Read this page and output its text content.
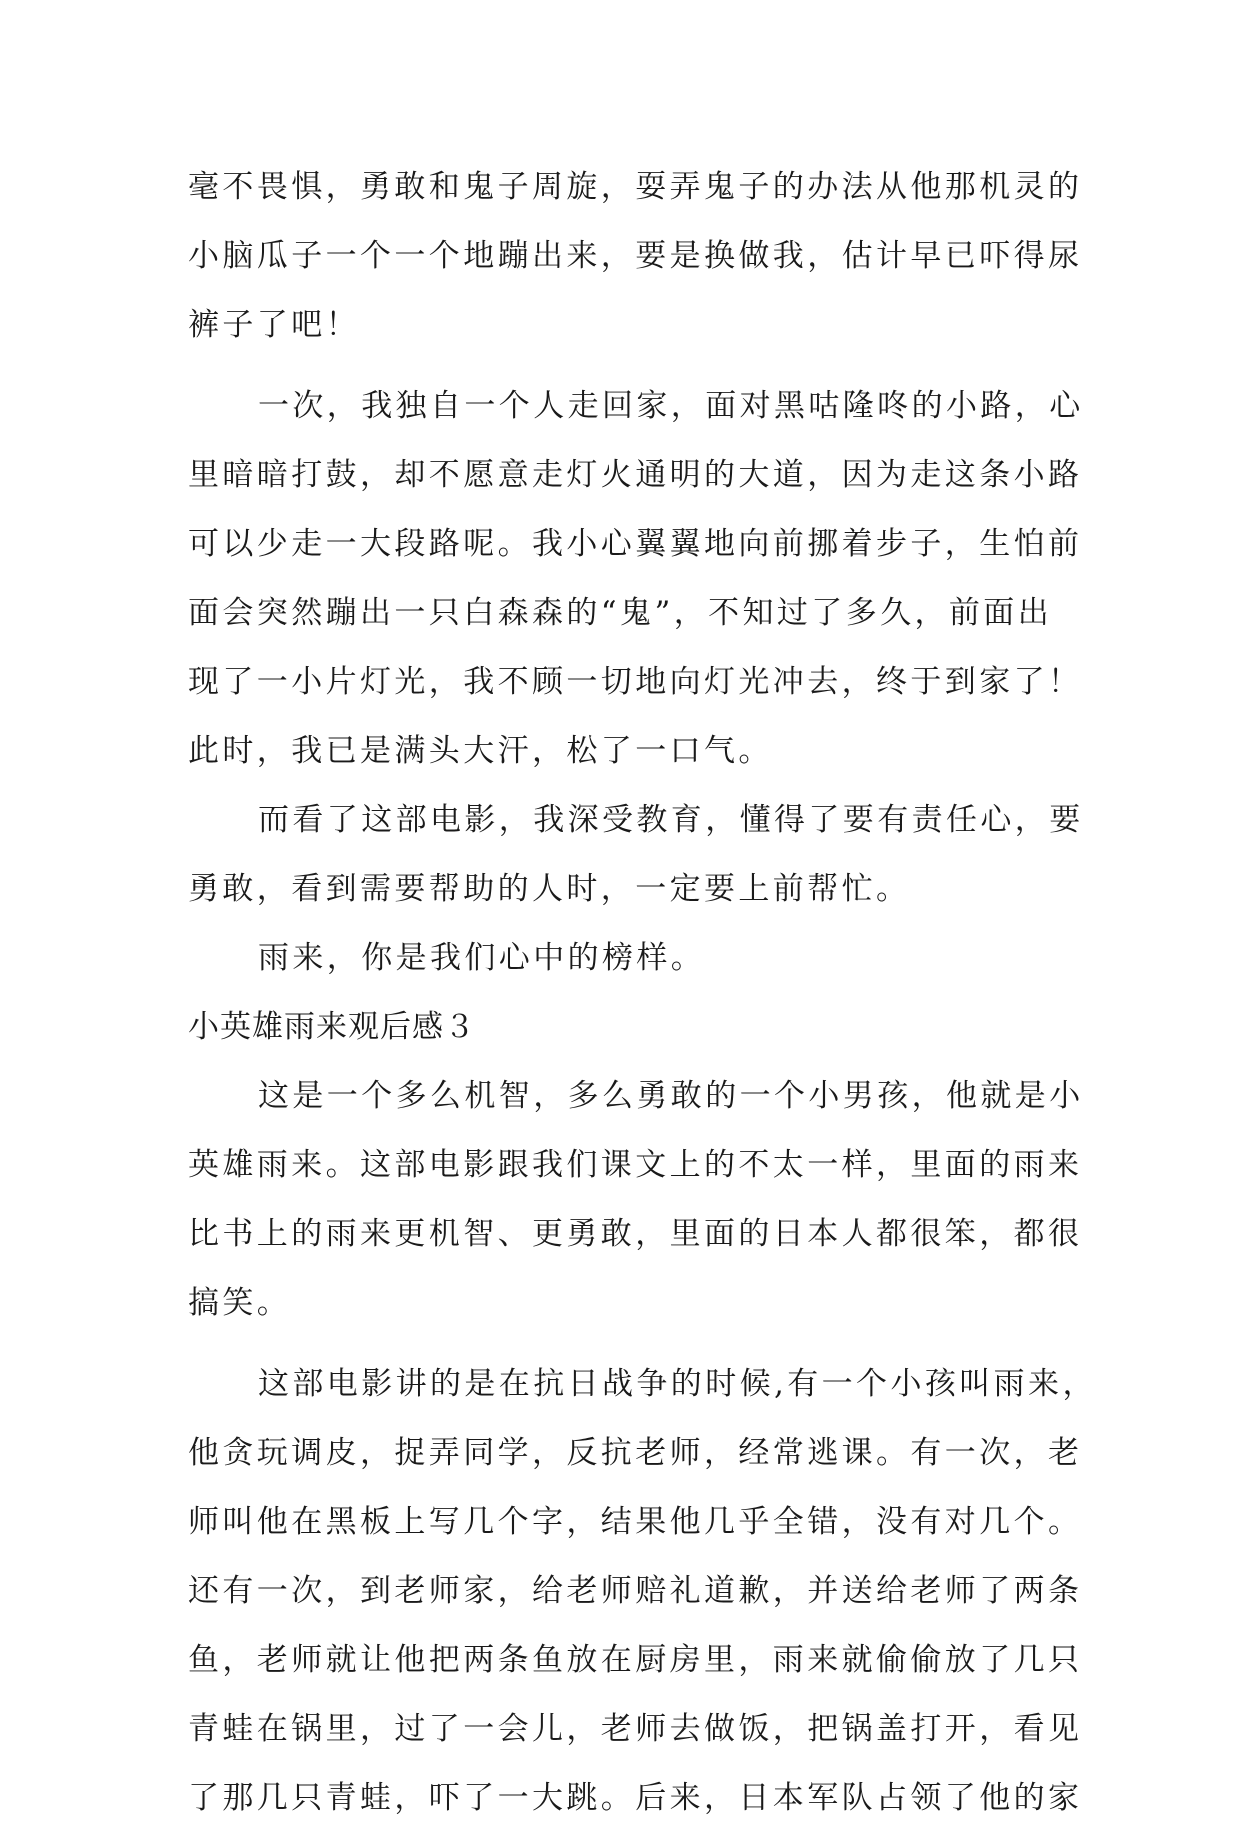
毫不畏惧，勇敢和鬼子周旋，耍弄鬼子的办法从他那机灵的
小脑瓜子一个一个地蹦出来，要是换做我，估计早已吓得尿
裤子了吧！
一次，我独自一个人走回家，面对黑咕隆咚的小路，心
里暗暗打鼓，却不愿意走灯火通明的大道，因为走这条小路
可以少走一大段路呢。我小心翼翼地向前挪着步子，生怕前
面会突然蹦出一只白森森的“鬼”，不知过了多久，前面出
现了一小片灯光，我不顾一切地向灯光冲去，终于到家了！
此时，我已是满头大汗，松了一口气。
而看了这部电影，我深受教育，懂得了要有责任心，要
勇敢，看到需要帮助的人时，一定要上前帮忙。
雨来，你是我们心中的榜样。
小英雄雨来观后感３
这是一个多么机智，多么勇敢的一个小男孩，他就是小
英雄雨来。这部电影跟我们课文上的不太一样，里面的雨来
比书上的雨来更机智、更勇敢，里面的日本人都很笨，都很
搞笑。
这部电影讲的是在抗日战争的时候,有一个小孩叫雨来，
他贪玩调皮，捉弄同学，反抗老师，经常逃课。有一次，老
师叫他在黑板上写几个字，结果他几乎全错，没有对几个。
还有一次，到老师家，给老师赔礼道歉，并送给老师了两条
鱼，老师就让他把两条鱼放在厨房里，雨来就偷偷放了几只
青蛙在锅里，过了一会儿，老师去做饭，把锅盖打开，看见
了那几只青蛙，吓了一大跳。后来，日本军队占领了他的家
